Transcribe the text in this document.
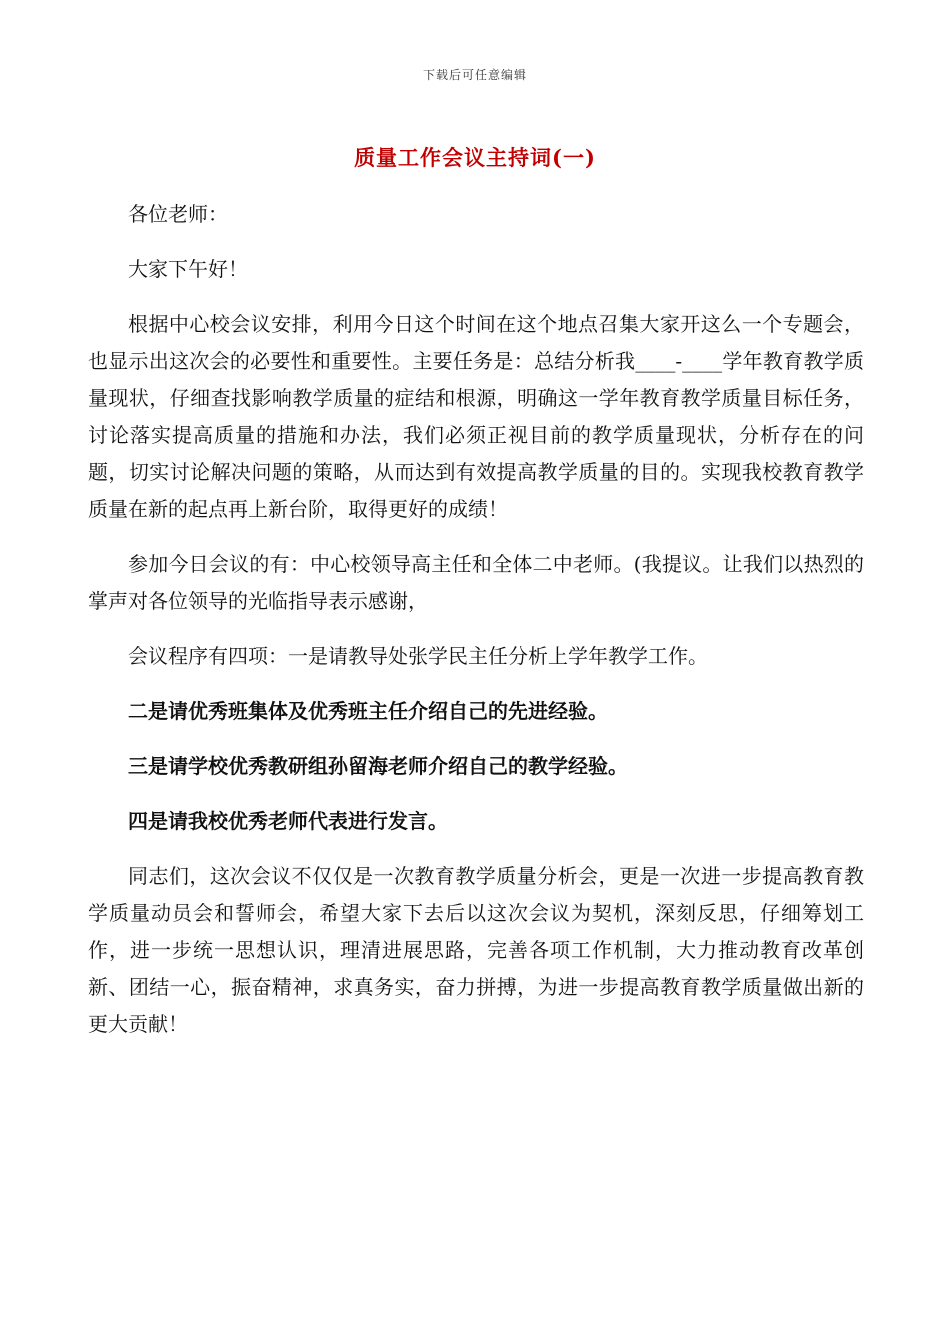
下载后可任意编辑
质量工作会议主持词(一)

各位老师：

大家下午好！

根据中心校会议安排，利用今日这个时间在这个地点召集大家开这么一个专题会，也显示出这次会的必要性和重要性。主要任务是：总结分析我____-____学年教育教学质量现状，仔细查找影响教学质量的症结和根源，明确这一学年教育教学质量目标任务，讨论落实提高质量的措施和办法，我们必须正视目前的教学质量现状，分析存在的问题，切实讨论解决问题的策略，从而达到有效提高教学质量的目的。实现我校教育教学质量在新的起点再上新台阶，取得更好的成绩！

参加今日会议的有：中心校领导高主任和全体二中老师。(我提议。让我们以热烈的掌声对各位领导的光临指导表示感谢，

会议程序有四项：一是请教导处张学民主任分析上学年教学工作。

二是请优秀班集体及优秀班主任介绍自己的先进经验。

三是请学校优秀教研组孙留海老师介绍自己的教学经验。

四是请我校优秀老师代表进行发言。

同志们，这次会议不仅仅是一次教育教学质量分析会，更是一次进一步提高教育教学质量动员会和誓师会，希望大家下去后以这次会议为契机，深刻反思，仔细筹划工作，进一步统一思想认识，理清进展思路，完善各项工作机制，大力推动教育改革创新、团结一心，振奋精神，求真务实，奋力拼搏，为进一步提高教育教学质量做出新的更大贡献！
